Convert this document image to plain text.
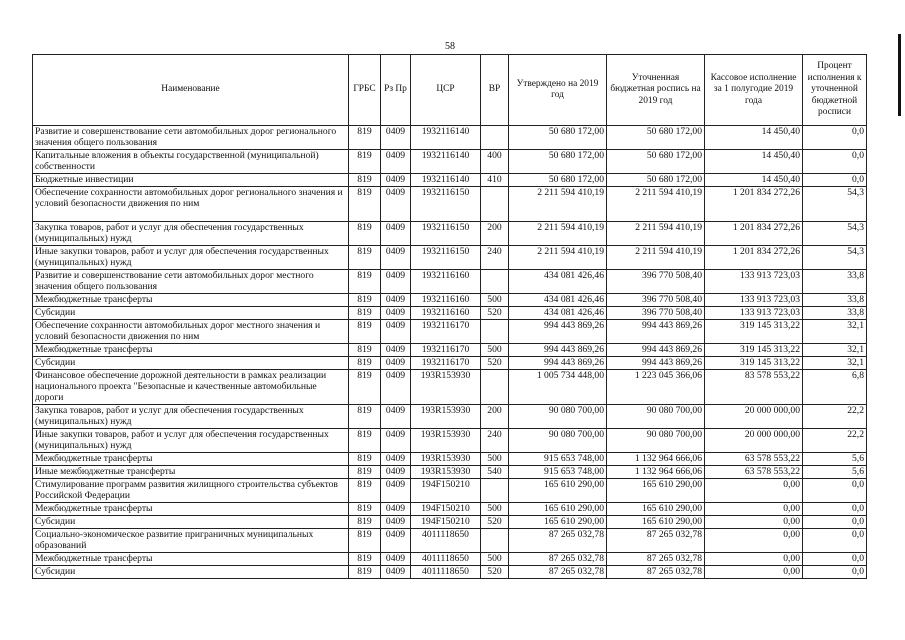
58
Наименование	ГРБС	Рз Пр	ЦСР	ВР	Утверждено на 2019 год	Уточненная бюджетная роспись на 2019 год	Кассовое исполнение за 1 полугодие 2019 года	Процент исполнения к уточненной бюджетной росписи
Развитие и совершенствование сети автомобильных дорог регионального значения общего пользования	819	0409	1932116140		50 680 172,00	50 680 172,00	14 450,40	0,0
Капитальные вложения в объекты государственной (муниципальной) собственности	819	0409	1932116140	400	50 680 172,00	50 680 172,00	14 450,40	0,0
Бюджетные инвестиции	819	0409	1932116140	410	50 680 172,00	50 680 172,00	14 450,40	0,0
Обеспечение сохранности автомобильных дорог регионального значения и условий безопасности движения по ним	819	0409	1932116150		2 211 594 410,19	2 211 594 410,19	1 201 834 272,26	54,3
Закупка товаров, работ и услуг для обеспечения государственных (муниципальных) нужд	819	0409	1932116150	200	2 211 594 410,19	2 211 594 410,19	1 201 834 272,26	54,3
Иные закупки товаров, работ и услуг для обеспечения государственных (муниципальных) нужд	819	0409	1932116150	240	2 211 594 410,19	2 211 594 410,19	1 201 834 272,26	54,3
Развитие и совершенствование сети автомобильных дорог местного значения общего пользования	819	0409	1932116160		434 081 426,46	396 770 508,40	133 913 723,03	33,8
Межбюджетные трансферты	819	0409	1932116160	500	434 081 426,46	396 770 508,40	133 913 723,03	33,8
Субсидии	819	0409	1932116160	520	434 081 426,46	396 770 508,40	133 913 723,03	33,8
Обеспечение сохранности автомобильных дорог местного значения и условий безопасности движения по ним	819	0409	1932116170		994 443 869,26	994 443 869,26	319 145 313,22	32,1
Межбюджетные трансферты	819	0409	1932116170	500	994 443 869,26	994 443 869,26	319 145 313,22	32,1
Субсидии	819	0409	1932116170	520	994 443 869,26	994 443 869,26	319 145 313,22	32,1
Финансовое обеспечение дорожной деятельности в рамках реализации национального проекта "Безопасные и качественные автомобильные дороги	819	0409	193R153930		1 005 734 448,00	1 223 045 366,06	83 578 553,22	6,8
Закупка товаров, работ и услуг для обеспечения государственных (муниципальных) нужд	819	0409	193R153930	200	90 080 700,00	90 080 700,00	20 000 000,00	22,2
Иные закупки товаров, работ и услуг для обеспечения государственных (муниципальных) нужд	819	0409	193R153930	240	90 080 700,00	90 080 700,00	20 000 000,00	22,2
Межбюджетные трансферты	819	0409	193R153930	500	915 653 748,00	1 132 964 666,06	63 578 553,22	5,6
Иные межбюджетные трансферты	819	0409	193R153930	540	915 653 748,00	1 132 964 666,06	63 578 553,22	5,6
Стимулирование программ развития жилищного строительства субъектов Российской Федерации	819	0409	194F150210		165 610 290,00	165 610 290,00	0,00	0,0
Межбюджетные трансферты	819	0409	194F150210	500	165 610 290,00	165 610 290,00	0,00	0,0
Субсидии	819	0409	194F150210	520	165 610 290,00	165 610 290,00	0,00	0,0
Социально-экономическое развитие приграничных муниципальных образований	819	0409	4011118650		87 265 032,78	87 265 032,78	0,00	0,0
Межбюджетные трансферты	819	0409	4011118650	500	87 265 032,78	87 265 032,78	0,00	0,0
Субсидии	819	0409	4011118650	520	87 265 032,78	87 265 032,78	0,00	0,0
